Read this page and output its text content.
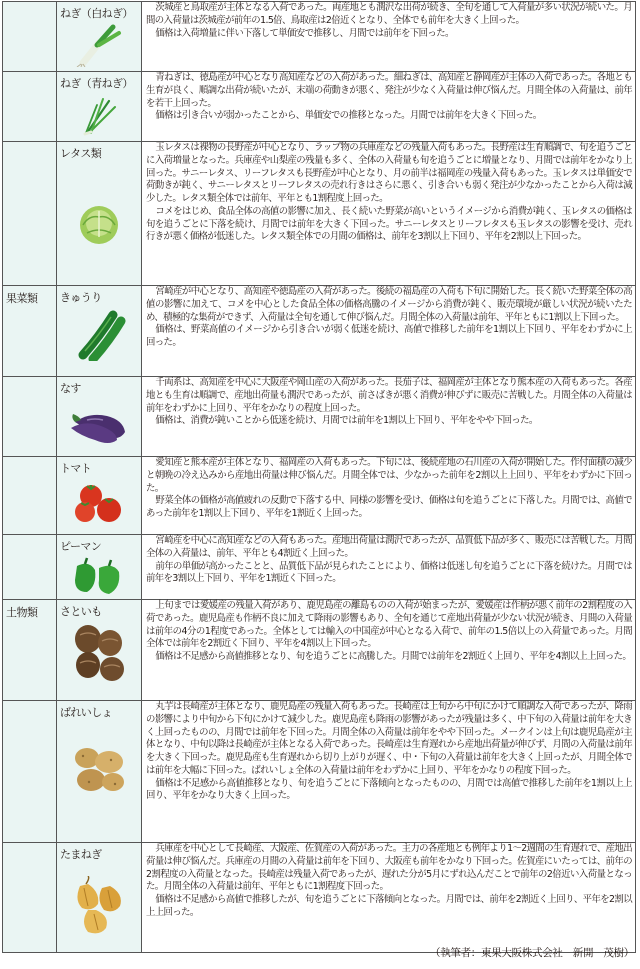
	ねぎ（白ねぎ）	茨城産と鳥取産が主体となる入荷であった。両産地とも潤沢な出荷が続き、全旬を通して入荷量が多い状況が続いた。月間の入荷量は茨城産が前年の1.5倍、鳥取産は2倍近くとなり、全体でも前年を大きく上回った。

価格は入荷増量に伴い下落して単価安で推移し、月間では前年を下回った。

	ねぎ（青ねぎ）	青ねぎは、徳島産が中心となり高知産などの入荷があった。細ねぎは、高知産と静岡産が主体の入荷であった。各地とも生育が良く、順調な出荷が続いたが、末端の荷動きが悪く、発注が少なく入荷量は伸び悩んだ。月間全体の入荷量は、前年を若干上回った。

価格は引き合いが弱かったことから、単価安での推移となった。月間では前年を大きく下回った。

	レタス類	玉レタスは裸物の長野産が中心となり、ラップ物の兵庫産などの残量入荷もあった。長野産は生育順調で、旬を追うごとに入荷増量となった。兵庫産や山梨産の残量も多く、全体の入荷量も旬を追うごとに増量となり、月間では前年をかなり上回った。サニーレタス、リーフレタスも長野産が中心となり、月の前半は福岡産の残量入荷もあった。玉レタスは単価安で荷動きが鈍く、サニーレタスとリーフレタスの売れ行きはさらに悪く、引き合いも弱く発注が少なかったことから入荷は減少した。レタス類全体では前年、平年とも1割程度上回った。

コメをはじめ、食品全体の高値の影響に加え、長く続いた野菜が高いというイメージから消費が鈍く、玉レタスの価格は旬を追うごとに下落を続け、月間では前年を大きく下回った。サニーレタスとリーフレタスも玉レタスの影響を受け、売れ行きが悪く価格が低迷した。レタス類全体での月間の価格は、前年を3割以上下回り、平年を2割以上下回った。

果菜類	きゅうり	宮崎産が中心となり、高知産や徳島産の入荷があった。後続の福島産の入荷も下旬に開始した。長く続いた野菜全体の高値の影響に加えて、コメを中心とした食品全体の価格高騰のイメージから消費が鈍く、販売環境が厳しい状況が続いたため、積極的な集荷ができず、入荷量は全旬を通して伸び悩んだ。月間全体の入荷量は前年、平年ともに1割以上下回った。

価格は、野菜高値のイメージから引き合いが弱く低迷を続け、高値で推移した前年を1割以上下回り、平年をわずかに上回った。

	なす	千両系は、高知産を中心に大阪産や岡山産の入荷があった。長茄子は、福岡産が主体となり熊本産の入荷もあった。各産地とも生育は順調で、産地出荷量も潤沢であったが、前さばきが悪く消費が伸びずに販売に苦戦した。月間全体の入荷量は前年をわずかに上回り、平年をかなりの程度上回った。

価格は、消費が鈍いことから低迷を続け、月間では前年を1割以上下回り、平年をやや下回った。

	トマト	愛知産と熊本産が主体となり、福岡産の入荷もあった。下旬には、後続産地の石川産の入荷が開始した。作付面積の減少と朝晩の冷え込みから産地出荷量は伸び悩んだ。月間全体では、少なかった前年を2割以上上回り、平年をわずかに下回った。

野菜全体の価格が高値疲れの反動で下落する中、同様の影響を受け、価格は旬を追うごとに下落した。月間では、高値であった前年を1割以上下回り、平年を1割近く上回った。

	ピーマン	宮崎産を中心に高知産などの入荷もあった。産地出荷量は潤沢であったが、品質低下品が多く、販売には苦戦した。月間全体の入荷量は、前年、平年とも4割近く上回った。

前年の単価が高かったことと、品質低下品が見られたことにより、価格は低迷し旬を追うごとに下落を続けた。月間では前年を3割以上下回り、平年を1割近く下回った。

土物類	さといも	上旬までは愛媛産の残量入荷があり、鹿児島産の離島ものの入荷が始まったが、愛媛産は作柄が悪く前年の2割程度の入荷であった。鹿児島産も作柄不良に加えて降雨の影響もあり、全旬を通じて産地出荷量が少ない状況が続き、月間の入荷量は前年の4分の1程度であった。全体としては輸入の中国産が中心となる入荷で、前年の1.5倍以上の入荷量であった。月間全体では前年を2割近く下回り、平年を4割以上下回った。

価格は不足感から高値推移となり、旬を追うごとに高騰した。月間では前年を2割近く上回り、平年を4割以上上回った。

	ばれいしょ	丸芋は長崎産が主体となり、鹿児島産の残量入荷もあった。長崎産は上旬から中旬にかけて順調な入荷であったが、降雨の影響により中旬から下旬にかけて減少した。鹿児島産も降雨の影響があったが残量は多く、中下旬の入荷量は前年を大きく上回ったものの、月間では前年を下回った。月間全体の入荷量は前年をやや下回った。メークインは上旬は鹿児島産が主体となり、中旬以降は長崎産が主体となる入荷であった。長崎産は生育遅れから産地出荷量が伸びず、月間の入荷量は前年を大きく下回った。鹿児島産も生育遅れから切り上がりが遅く、中・下旬の入荷量は前年を大きく上回ったが、月間全体では前年を大幅に下回った。ばれいしょ全体の入荷量は前年をわずかに上回り、平年をかなりの程度下回った。

価格は不足感から高値推移となり、旬を追うごとに下落傾向となったものの、月間では高値で推移した前年を1割以上上回り、平年をかなり大きく上回った。

	たまねぎ	兵庫産を中心として長崎産、大阪産、佐賀産の入荷があった。主力の各産地とも例年より1～2週間の生育遅れで、産地出荷量は伸び悩んだ。兵庫産の月間の入荷量は前年を下回り、大阪産も前年をかなり下回った。佐賀産にいたっては、前年の2割程度の入荷量となった。長崎産は残量入荷であったが、遅れた分が5月にずれ込んだことで前年の2倍近い入荷量となった。月間全体の入荷量は前年、平年ともに1割程度下回った。

価格は不足感から高値で推移したが、旬を追うごとに下落傾向となった。月間では、前年を2割近く上回り、平年を2割以上上回った。

（執筆者：東果大阪株式会社　新開　茂樹）
